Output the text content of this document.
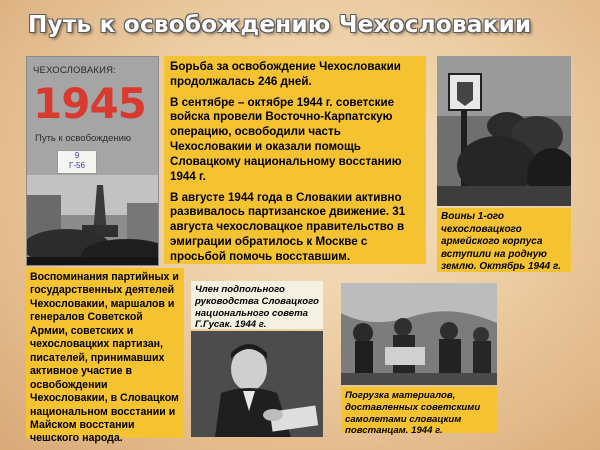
Путь к освобождению Чехословакии
ЧЕХОСЛОВАКИЯ:
1945
Путь к освобождению
9
Г-56

Борьба за освобождение Чехословакии продолжалась 246 дней.

В сентябре – октябре 1944 г. советские войска провели Восточно-Карпатскую операцию, освободили часть Чехословакии и оказали помощь Словацкому национальному восстанию 1944 г.

В августе 1944 года в Словакии активно развивалось партизанское движение. 31 августа чехословацкое правительство в эмиграции обратилось к Москве с просьбой помочь восставшим.

Воины 1-ого чехословацкого армейского корпуса вступили на родную землю. Октябрь 1944 г.
Воспоминания партийных и государственных деятелей Чехословакии, маршалов и генералов Советской Армии, советских и чехословацких партизан, писателей, принимавших активное участие в освобождении Чехословакии, в Словацком национальном восстании и Майском восстании чешского народа.
Член подпольного руководства Словацкого национального совета Г.Гусак. 1944 г.
Погрузка материалов, доставленных советскими самолетами словацким повстанцам. 1944 г.
